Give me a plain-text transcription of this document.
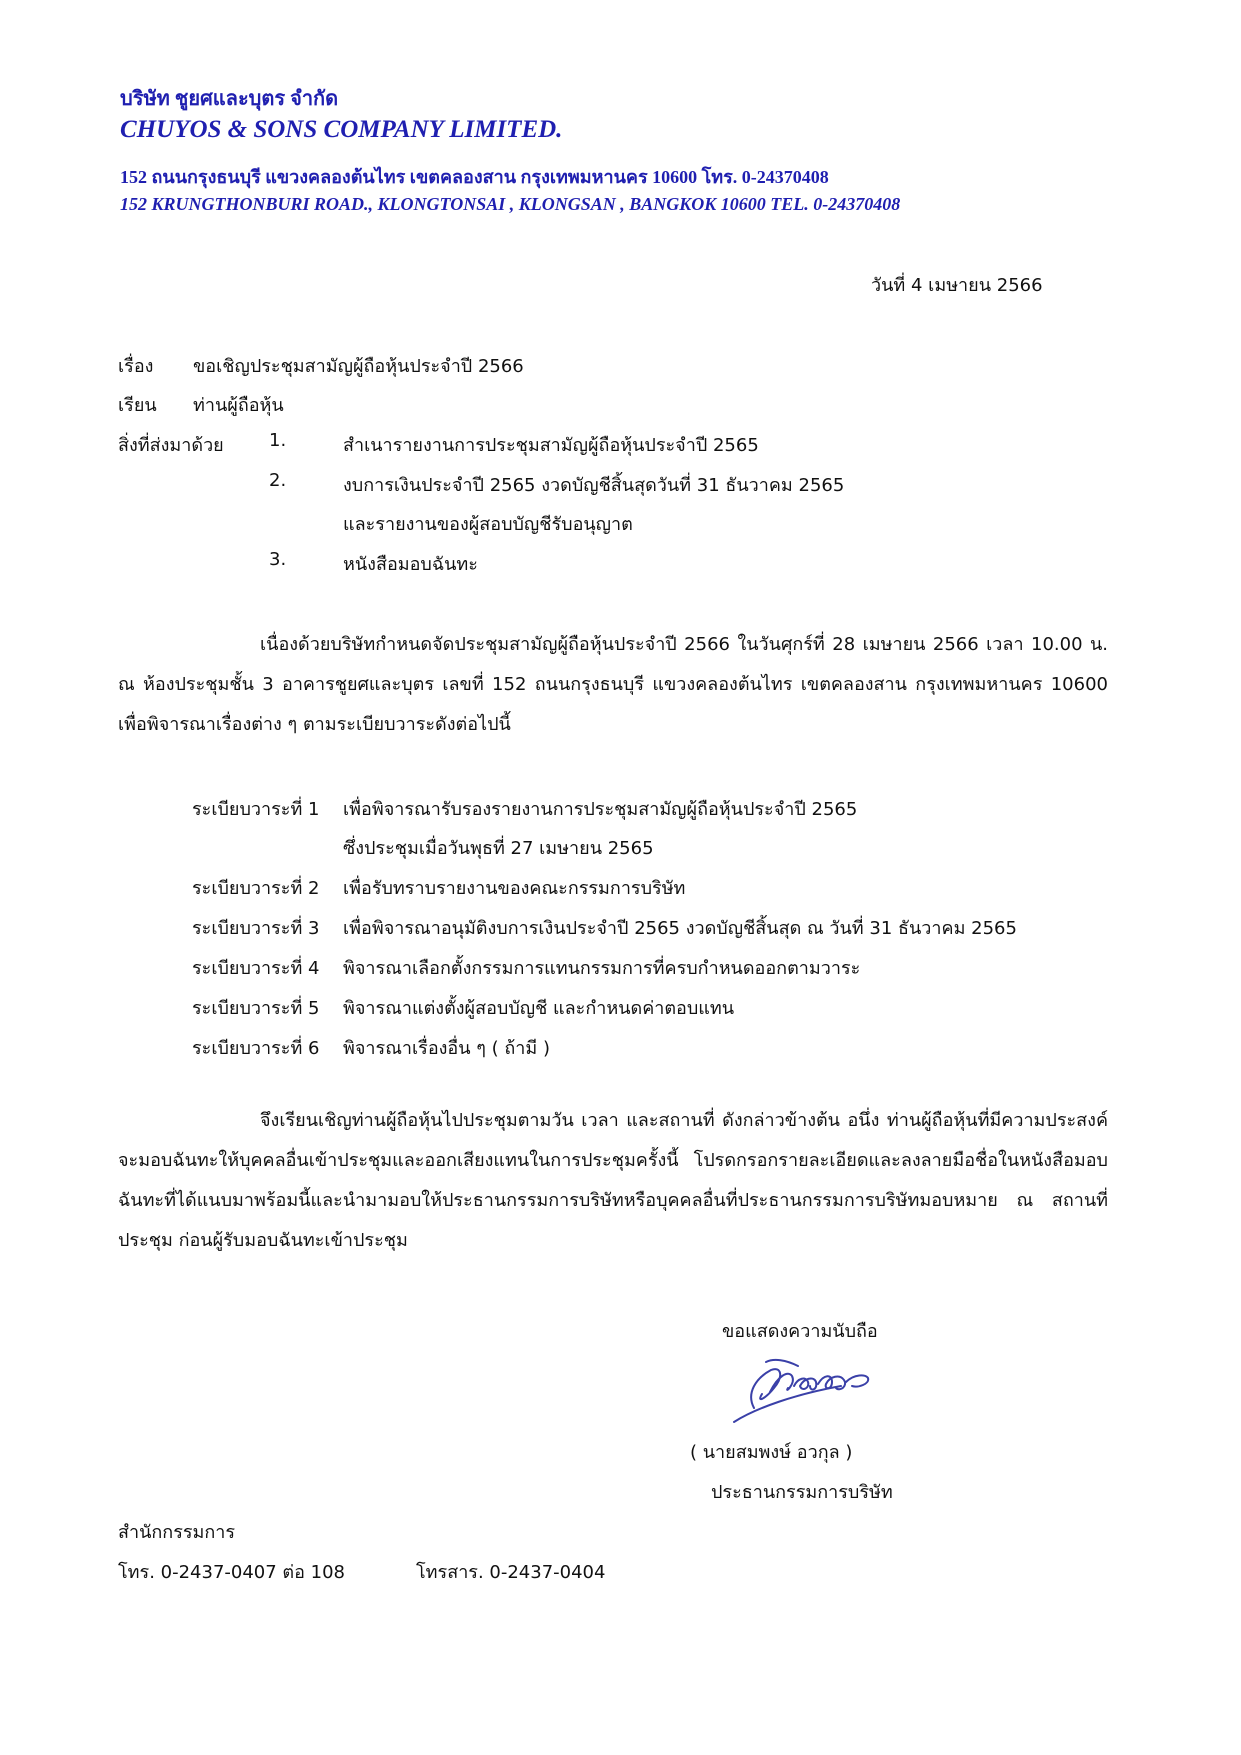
บริษัท ชูยศและบุตร จำกัด
CHUYOS & SONS COMPANY LIMITED.
152 ถนนกรุงธนบุรี แขวงคลองต้นไทร เขตคลองสาน กรุงเทพมหานคร 10600 โทร. 0-24370408
152 KRUNGTHONBURI ROAD., KLONGTONSAI , KLONGSAN , BANGKOK 10600 TEL. 0-24370408
วันที่ 4 เมษายน 2566
เรื่อง ขอเชิญประชุมสามัญผู้ถือหุ้นประจำปี 2566
เรียน ท่านผู้ถือหุ้น
สิ่งที่ส่งมาด้วย	1.	สำเนารายงานการประชุมสามัญผู้ถือหุ้นประจำปี 2565
2.	งบการเงินประจำปี 2565 งวดบัญชีสิ้นสุดวันที่ 31 ธันวาคม 2565
และรายงานของผู้สอบบัญชีรับอนุญาต
3.	หนังสือมอบฉันทะ
เนื่องด้วยบริษัทกำหนดจัดประชุมสามัญผู้ถือหุ้นประจำปี 2566 ในวันศุกร์ที่ 28 เมษายน 2566 เวลา 10.00 น. ณ ห้องประชุมชั้น 3 อาคารชูยศและบุตร เลขที่ 152 ถนนกรุงธนบุรี แขวงคลองต้นไทร เขตคลองสาน กรุงเทพมหานคร 10600 เพื่อพิจารณาเรื่องต่าง ๆ ตามระเบียบวาระดังต่อไปนี้
ระเบียบวาระที่ 1 เพื่อพิจารณารับรองรายงานการประชุมสามัญผู้ถือหุ้นประจำปี 2565
ซึ่งประชุมเมื่อวันพุธที่ 27 เมษายน 2565
ระเบียบวาระที่ 2 เพื่อรับทราบรายงานของคณะกรรมการบริษัท
ระเบียบวาระที่ 3 เพื่อพิจารณาอนุมัติงบการเงินประจำปี 2565 งวดบัญชีสิ้นสุด ณ วันที่ 31 ธันวาคม 2565
ระเบียบวาระที่ 4 พิจารณาเลือกตั้งกรรมการแทนกรรมการที่ครบกำหนดออกตามวาระ
ระเบียบวาระที่ 5 พิจารณาแต่งตั้งผู้สอบบัญชี และกำหนดค่าตอบแทน
ระเบียบวาระที่ 6 พิจารณาเรื่องอื่น ๆ ( ถ้ามี )
จึงเรียนเชิญท่านผู้ถือหุ้นไปประชุมตามวัน เวลา และสถานที่ ดังกล่าวข้างต้น อนึ่ง ท่านผู้ถือหุ้นที่มีความประสงค์จะมอบฉันทะให้บุคคลอื่นเข้าประชุมและออกเสียงแทนในการประชุมครั้งนี้ โปรดกรอกรายละเอียดและลงลายมือชื่อในหนังสือมอบฉันทะที่ได้แนบมาพร้อมนี้และนำมามอบให้ประธานกรรมการบริษัทหรือบุคคลอื่นที่ประธานกรรมการบริษัทมอบหมาย ณ สถานที่ประชุม ก่อนผู้รับมอบฉันทะเข้าประชุม
ขอแสดงความนับถือ
( นายสมพงษ์ อวกุล )
ประธานกรรมการบริษัท
สำนักกรรมการ
โทร. 0-2437-0407 ต่อ 108	โทรสาร. 0-2437-0404
